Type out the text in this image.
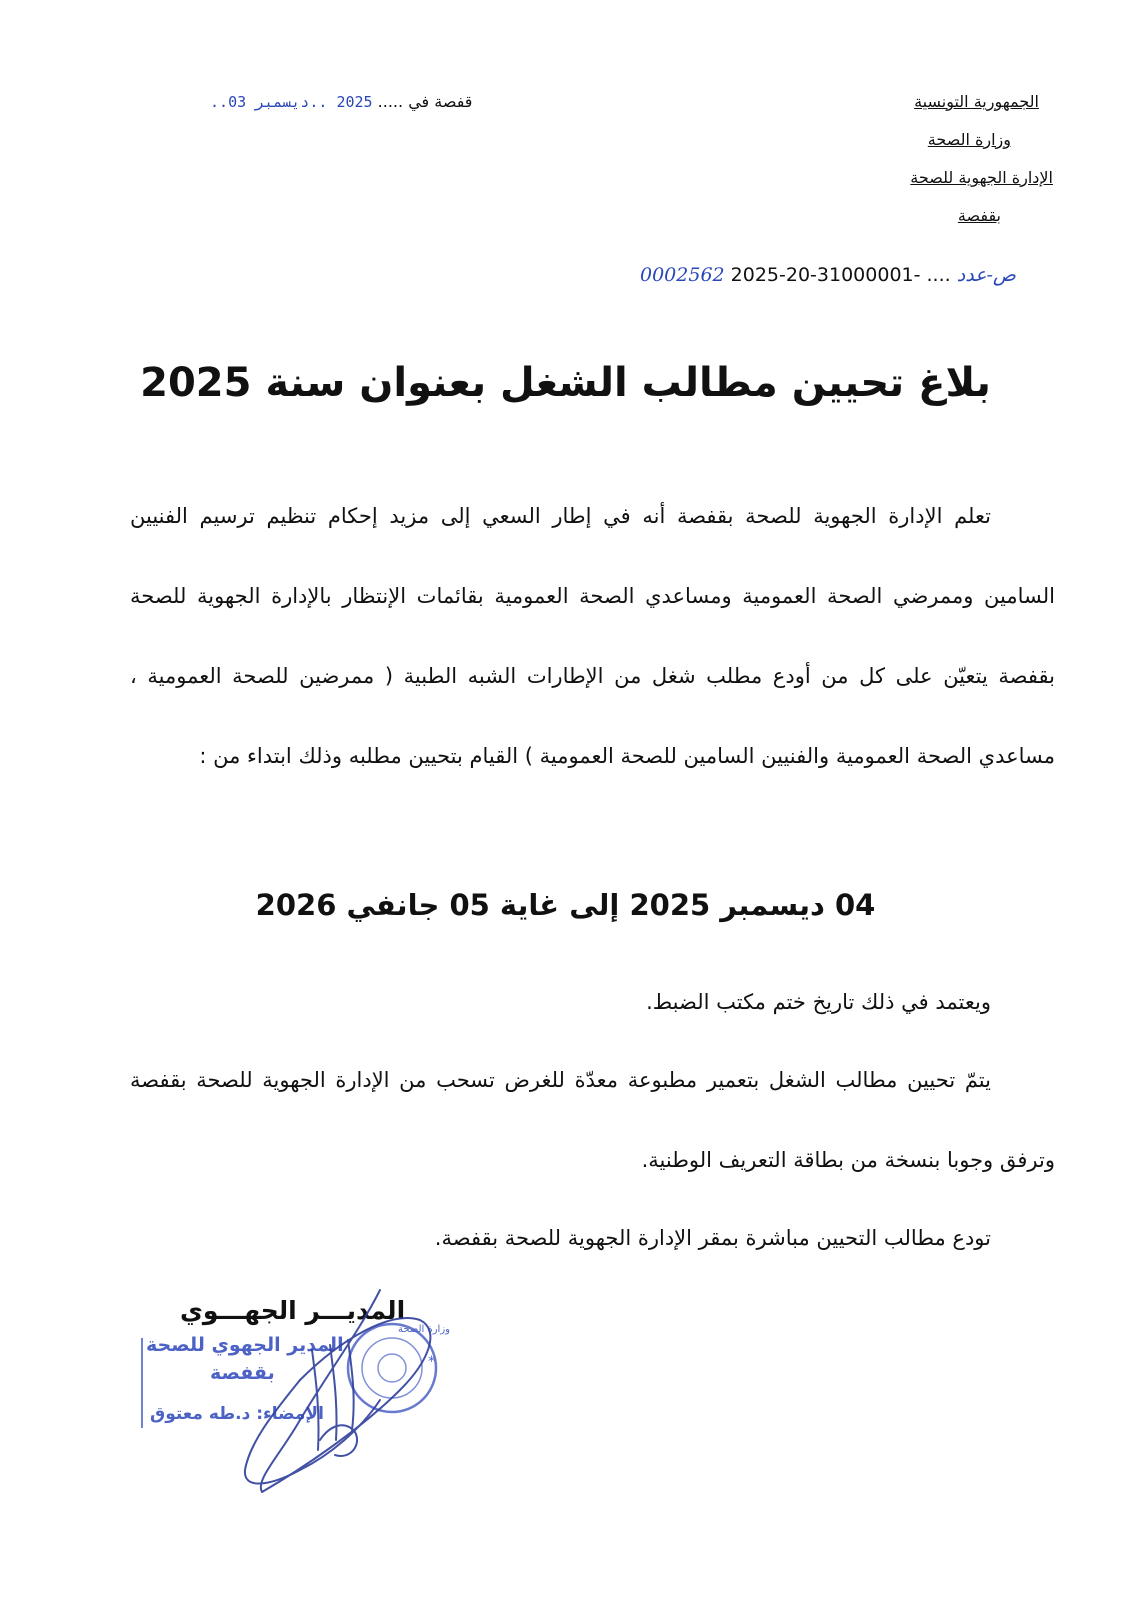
الجمهورية التونسية
وزارة الصحة
الإدارة الجهوية للصحة
بقفصة
قفصة في ..... 2025 ..ديسمبر 03..
0002562 2025-20-31000001- .... ص-عدد
بلاغ تحيين مطالب الشغل بعنوان سنة 2025
تعلم الإدارة الجهوية للصحة بقفصة أنه في إطار السعي إلى مزيد إحكام تنظيم ترسيم الفنيين السامين وممرضي الصحة العمومية ومساعدي الصحة العمومية بقائمات الإنتظار بالإدارة الجهوية للصحة بقفصة يتعيّن على كل من أودع مطلب شغل من الإطارات الشبه الطبية ( ممرضين للصحة العمومية ، مساعدي الصحة العمومية والفنيين السامين للصحة العمومية ) القيام بتحيين مطلبه وذلك ابتداء من :
04 ديسمبر 2025 إلى غاية 05 جانفي 2026
ويعتمد في ذلك تاريخ ختم مكتب الضبط.
يتمّ تحيين مطالب الشغل بتعمير مطبوعة معدّة للغرض تسحب من الإدارة الجهوية للصحة بقفصة وترفق وجوبا بنسخة من بطاقة التعريف الوطنية.
تودع مطالب التحيين مباشرة بمقر الإدارة الجهوية للصحة بقفصة.
المديـــر الجهـــوي
المدير الجهوي للصحة
بقفصة
الإمضاء: د.طه معتوق
وزارة الصحة
*
